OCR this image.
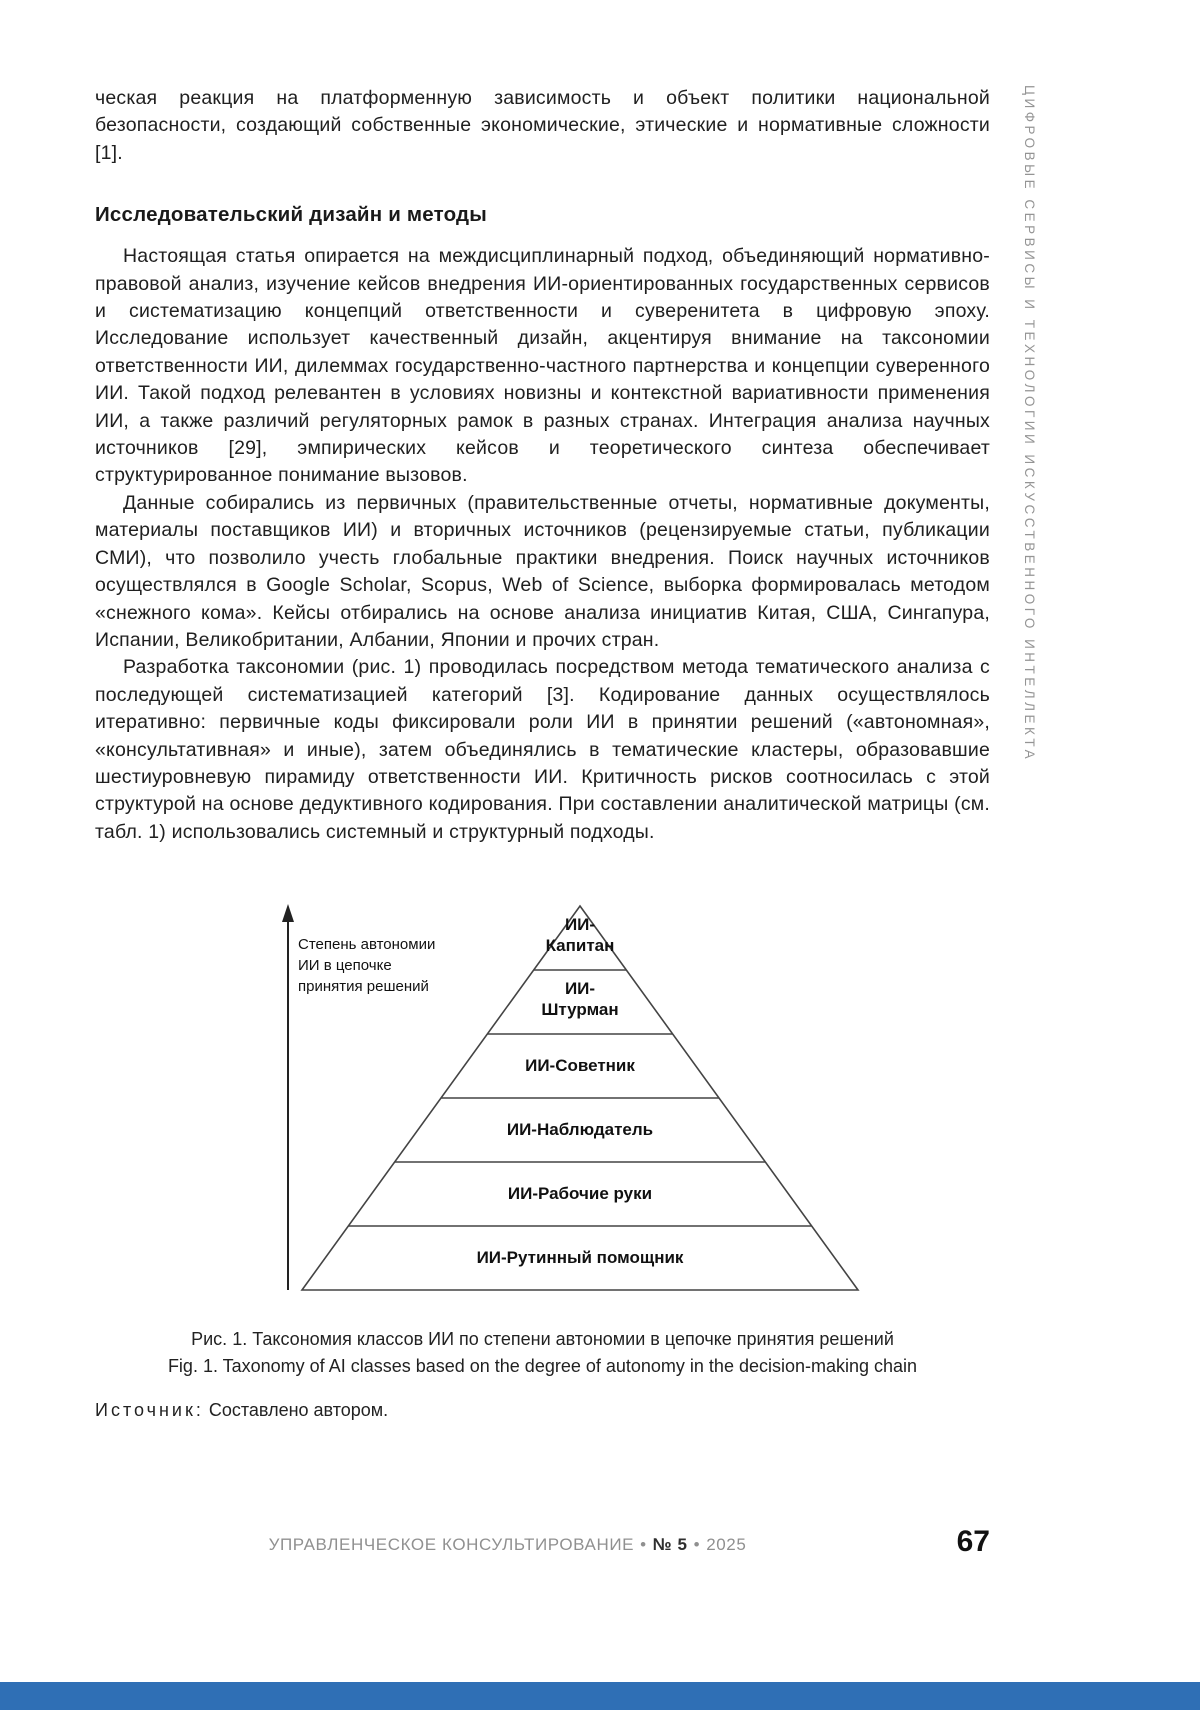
ЦИФРОВЫЕ СЕРВИСЫ И ТЕХНОЛОГИИ ИСКУССТВЕННОГО ИНТЕЛЛЕКТА

ческая реакция на платформенную зависимость и объект политики национальной безопасности, создающий собственные экономические, этические и нормативные сложности [1].

Исследовательский дизайн и методы

Настоящая статья опирается на междисциплинарный подход, объединяющий нормативно-правовой анализ, изучение кейсов внедрения ИИ-ориентированных государственных сервисов и систематизацию концепций ответственности и суверенитета в цифровую эпоху. Исследование использует качественный дизайн, акцентируя внимание на таксономии ответственности ИИ, дилеммах государственно-частного партнерства и концепции суверенного ИИ. Такой подход релевантен в условиях новизны и контекстной вариативности применения ИИ, а также различий регуляторных рамок в разных странах. Интеграция анализа научных источников [29], эмпирических кейсов и теоретического синтеза обеспечивает структурированное понимание вызовов.

Данные собирались из первичных (правительственные отчеты, нормативные документы, материалы поставщиков ИИ) и вторичных источников (рецензируемые статьи, публикации СМИ), что позволило учесть глобальные практики внедрения. Поиск научных источников осуществлялся в Google Scholar, Scopus, Web of Science, выборка формировалась методом «снежного кома». Кейсы отбирались на основе анализа инициатив Китая, США, Сингапура, Испании, Великобритании, Албании, Японии и прочих стран.

Разработка таксономии (рис. 1) проводилась посредством метода тематического анализа с последующей систематизацией категорий [3]. Кодирование данных осуществлялось итеративно: первичные коды фиксировали роли ИИ в принятии решений («автономная», «консультативная» и иные), затем объединялись в тематические кластеры, образовавшие шестиуровневую пирамиду ответственности ИИ. Критичность рисков соотносилась с этой структурой на основе дедуктивного кодирования. При составлении аналитической матрицы (см. табл. 1) использовались системный и структурный подходы.

Степень автономии ИИ в цепочке принятия решений
ИИ-Капитан
ИИ-Штурман
ИИ-Советник
ИИ-Наблюдатель
ИИ-Рабочие руки
ИИ-Рутинный помощник
Рис. 1. Таксономия классов ИИ по степени автономии в цепочке принятия решений
Fig. 1. Taxonomy of AI classes based on the degree of autonomy in the decision-making chain

Источник: Составлено автором.

УПРАВЛЕНЧЕСКОЕ КОНСУЛЬТИРОВАНИЕ • № 5 • 2025	67
